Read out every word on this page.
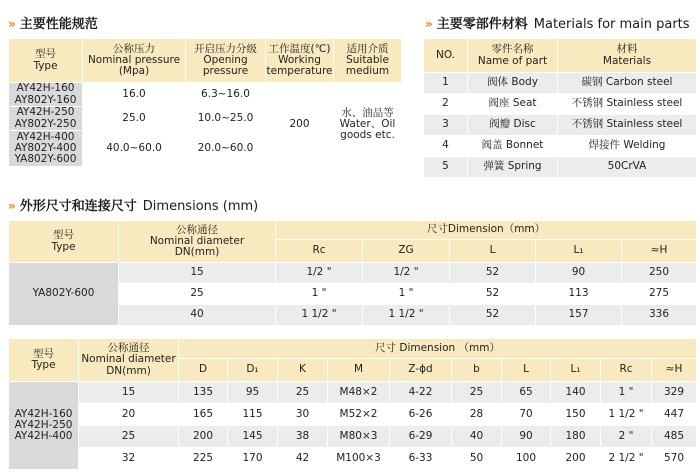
» 主要性能规范	» 主要零部件材料 Materials for main parts
» 外形尺寸和连接尺寸 Dimensions (mm)
型号
Type	公称压力
Nominal pressure
(Mpa)	开启压力分级
Opening
pressure	工作温度(℃)
Working
temperature	适用介质
Suitable
medium
AY42H-160
AY802Y-160	16.0	6.3~16.0	200	水、油品等
Water、Oil
goods etc.
AY42H-250
AY802Y-250	25.0	10.0~25.0		
AY42H-400
AY802Y-400
YA802Y-600	40.0~60.0	20.0~60.0		
NO.	零件名称
Name of part	材料
Materials
1	阀体 Body	碳钢 Carbon steel
2	阀座 Seat	不锈钢 Stainless steel
3	阀瓣 Disc	不锈钢 Stainless steel
4	阀盖 Bonnet	焊接件 Welding
5	弹簧 Spring	50CrVA
型号
Type	公称通径
Nominal diameter
DN(mm)	尺寸Dimension（mm）				
		Rc	ZG	L	L₁	≈H
YA802Y-600	15	1/2 "	1/2 "	52	90	250
	25	1 "	1 "	52	113	275
	40	1 1/2 "	1 1/2 "	52	157	336
型号
Type	公称通径
Nominal diameter
DN(mm)	尺寸 Dimension （mm）									
		D	D₁	K	M	Z-ϕd	b	L	L₁	Rc	≈H
AY42H-160
AY42H-250
AY42H-400	15	135	95	25	M48×2	4-22	25	65	140	1 "	329
	20	165	115	30	M52×2	6-26	28	70	150	1 1/2 "	447
	25	200	145	38	M80×3	6-29	40	90	180	2 "	485
	32	225	170	42	M100×3	6-33	50	100	200	2 1/2 "	570
